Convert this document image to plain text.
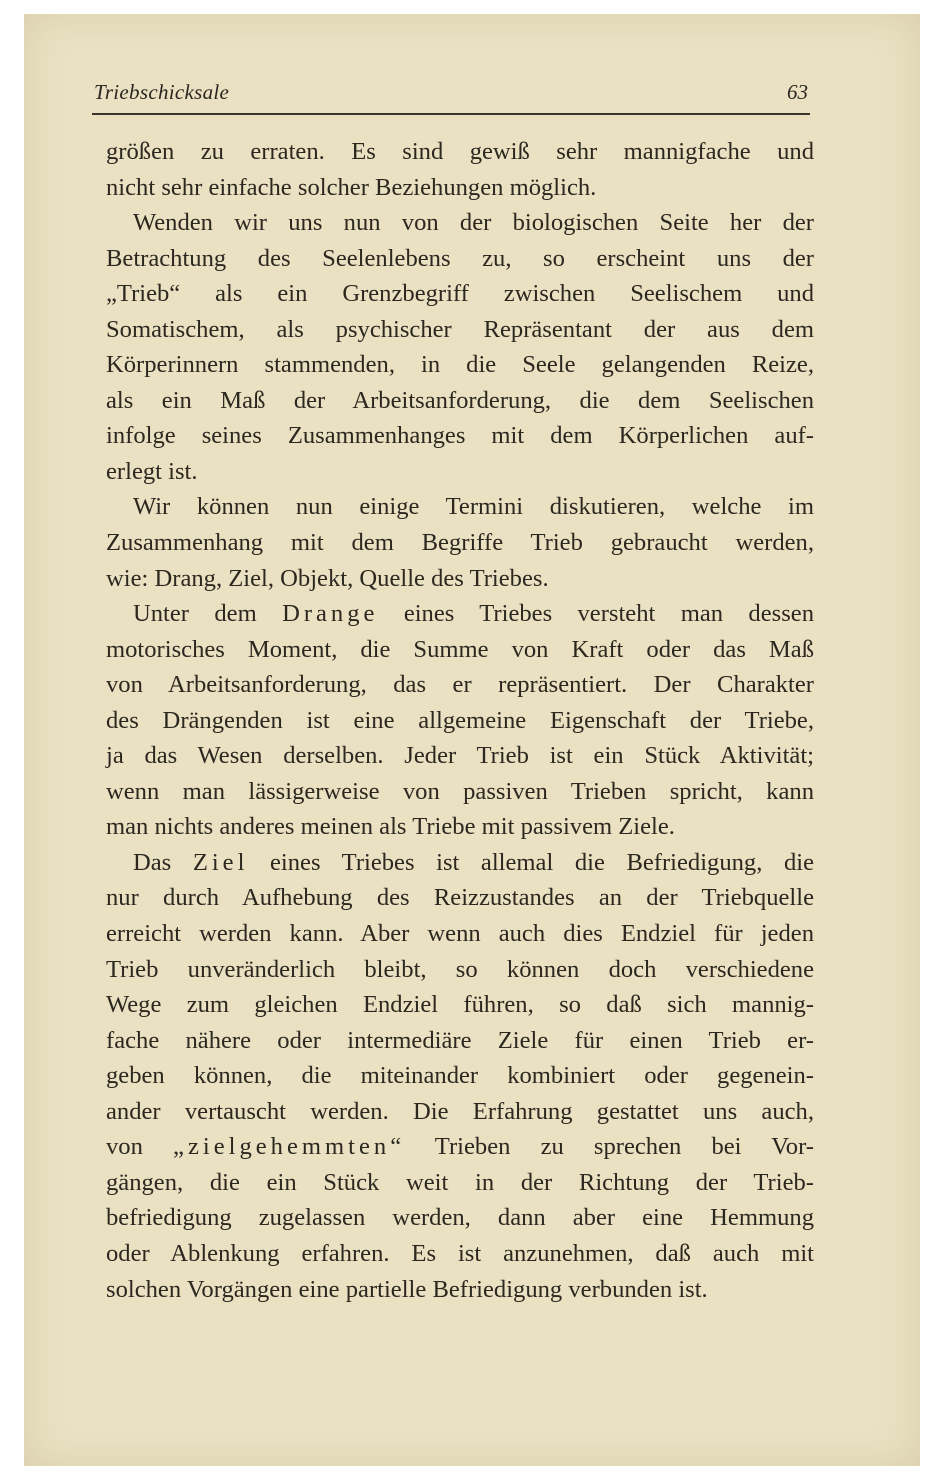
Triebschicksale	63
größen zu erraten. Es sind gewiß sehr mannigfache und
nicht sehr einfache solcher Beziehungen möglich.
Wenden wir uns nun von der biologischen Seite her der
Betrachtung des Seelenlebens zu, so erscheint uns der
„Trieb“ als ein Grenzbegriff zwischen Seelischem und
Somatischem, als psychischer Repräsentant der aus dem
Körperinnern stammenden, in die Seele gelangenden Reize,
als ein Maß der Arbeitsanforderung, die dem Seelischen
infolge seines Zusammenhanges mit dem Körperlichen auf-
erlegt ist.
Wir können nun einige Termini diskutieren, welche im
Zusammenhang mit dem Begriffe Trieb gebraucht werden,
wie: Drang, Ziel, Objekt, Quelle des Triebes.
Unter dem Drange eines Triebes versteht man dessen
motorisches Moment, die Summe von Kraft oder das Maß
von Arbeitsanforderung, das er repräsentiert. Der Charakter
des Drängenden ist eine allgemeine Eigenschaft der Triebe,
ja das Wesen derselben. Jeder Trieb ist ein Stück Aktivität;
wenn man lässigerweise von passiven Trieben spricht, kann
man nichts anderes meinen als Triebe mit passivem Ziele.
Das Ziel eines Triebes ist allemal die Befriedigung, die
nur durch Aufhebung des Reizzustandes an der Triebquelle
erreicht werden kann. Aber wenn auch dies Endziel für jeden
Trieb unveränderlich bleibt, so können doch verschiedene
Wege zum gleichen Endziel führen, so daß sich mannig-
fache nähere oder intermediäre Ziele für einen Trieb er-
geben können, die miteinander kombiniert oder gegenein-
ander vertauscht werden. Die Erfahrung gestattet uns auch,
von „zielgehemmten“ Trieben zu sprechen bei Vor-
gängen, die ein Stück weit in der Richtung der Trieb-
befriedigung zugelassen werden, dann aber eine Hemmung
oder Ablenkung erfahren. Es ist anzunehmen, daß auch mit
solchen Vorgängen eine partielle Befriedigung verbunden ist.
